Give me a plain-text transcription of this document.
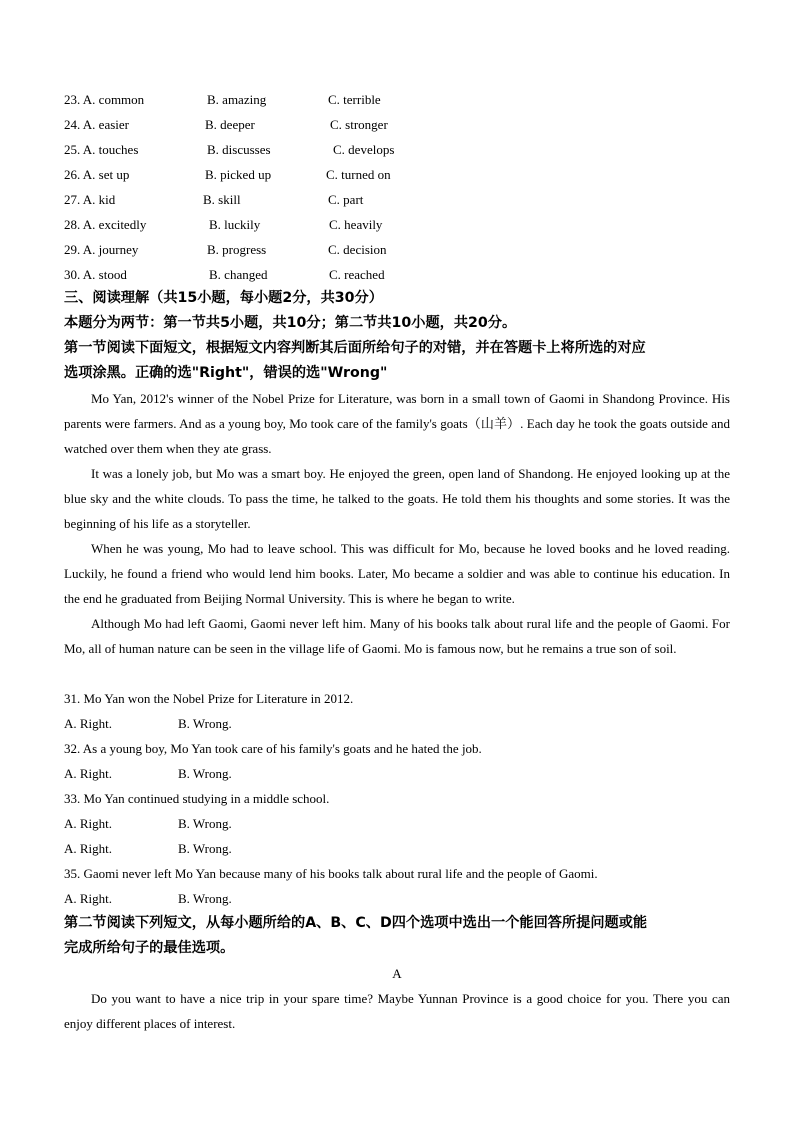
23. A. common	B. amazing	C. terrible
24. A. easier	B. deeper	C. stronger
25. A. touches	B. discusses	C. develops
26. A. set up	B. picked up	C. turned on
27. A. kid	B. skill	C. part
28. A. excitedly	B. luckily	C. heavily
29. A. journey	B. progress	C. decision
30. A. stood	B. changed	C. reached
三、阅读理解（共15小题，每小题2分，共30分）
本题分为两节：第一节共5小题，共10分；第二节共10小题，共20分。
第一节阅读下面短文，根据短文内容判断其后面所给句子的对错，并在答题卡上将所选的对应
选项涂黑。正确的选"Right"，错误的选"Wrong"

Mo Yan, 2012's winner of the Nobel Prize for Literature, was born in a small town of Gaomi in Shandong Province. His parents were farmers. And as a young boy, Mo took care of the family's goats（山羊）. Each day he took the goats outside and watched over them when they ate grass.

It was a lonely job, but Mo was a smart boy. He enjoyed the green, open land of Shandong. He enjoyed looking up at the blue sky and the white clouds. To pass the time, he talked to the goats. He told them his thoughts and some stories. It was the beginning of his life as a storyteller.

When he was young, Mo had to leave school. This was difficult for Mo, because he loved books and he loved reading. Luckily, he found a friend who would lend him books. Later, Mo became a soldier and was able to continue his education. In the end he graduated from Beijing Normal University. This is where he began to write.

Although Mo had left Gaomi, Gaomi never left him. Many of his books talk about rural life and the people of Gaomi. For Mo, all of human nature can be seen in the village life of Gaomi. Mo is famous now, but he remains a true son of soil.

31. Mo Yan won the Nobel Prize for Literature in 2012.
A. Right.	B. Wrong.
32. As a young boy, Mo Yan took care of his family's goats and he hated the job.
A. Right.	B. Wrong.
33. Mo Yan continued studying in a middle school.
A. Right.	B. Wrong.
A. Right.	B. Wrong.
35. Gaomi never left Mo Yan because many of his books talk about rural life and the people of Gaomi.
A. Right.	B. Wrong.
第二节阅读下列短文，从每小题所给的A、B、C、D四个选项中选出一个能回答所提问题或能
完成所给句子的最佳选项。
A

Do you want to have a nice trip in your spare time? Maybe Yunnan Province is a good choice for you. There you can enjoy different places of interest.
